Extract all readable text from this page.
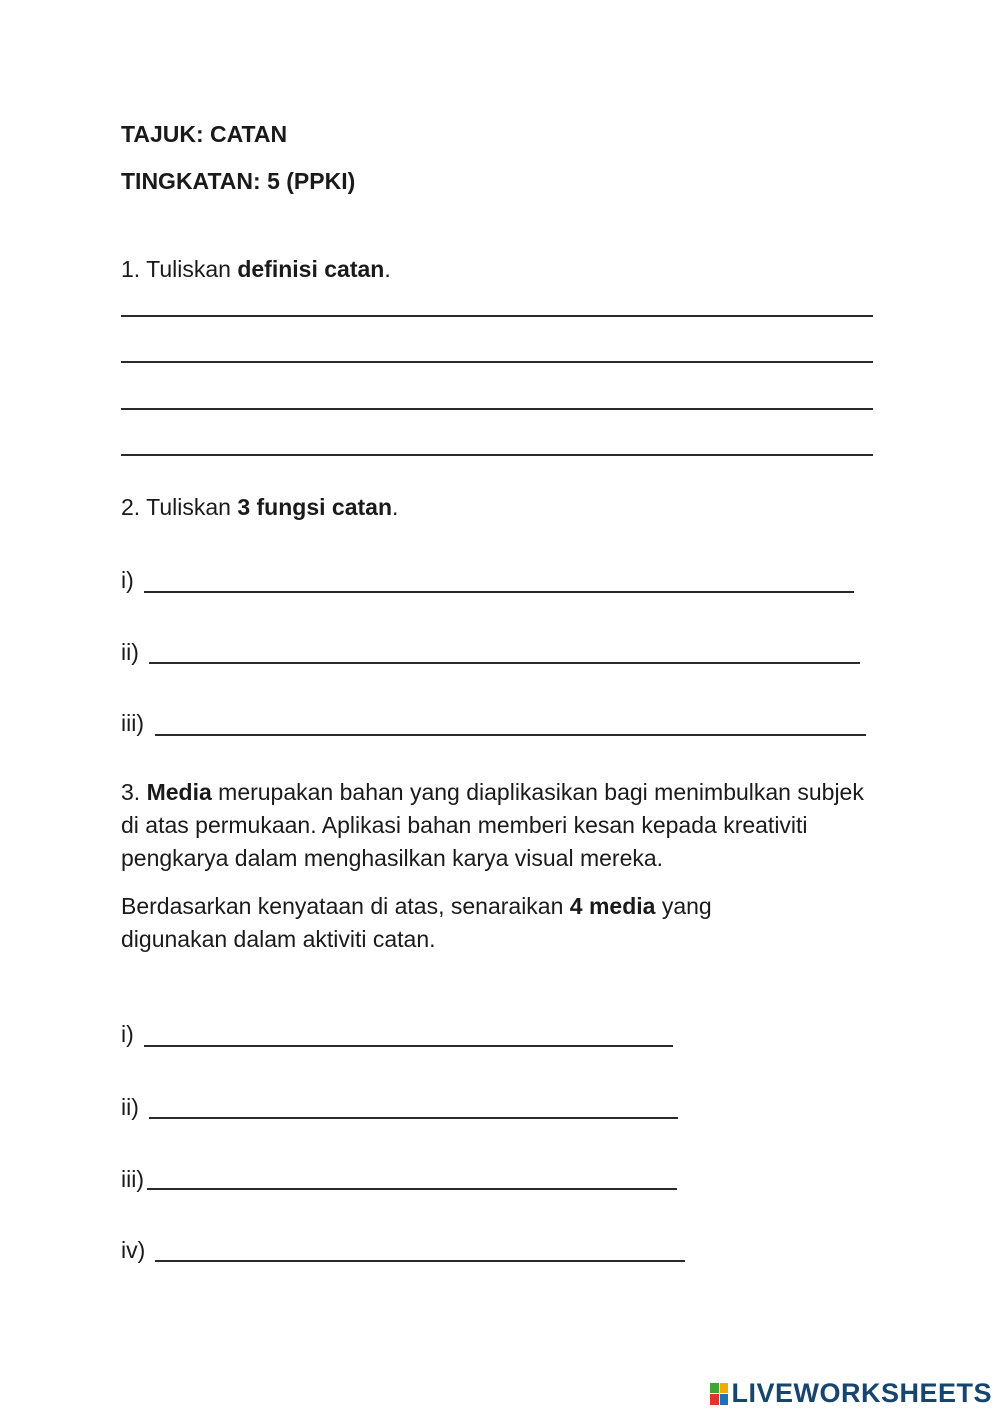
TAJUK: CATAN
TINGKATAN: 5 (PPKI)
1. Tuliskan definisi catan.
2. Tuliskan 3 fungsi catan.
i)
ii)
iii)
3. Media merupakan bahan yang diaplikasikan bagi menimbulkan subjek di atas permukaan. Aplikasi bahan memberi kesan kepada kreativiti pengkarya dalam menghasilkan karya visual mereka.
Berdasarkan kenyataan di atas, senaraikan 4 media yang digunakan dalam aktiviti catan.
i)
ii)
iii)
iv)
LIVEWORKSHEETS
